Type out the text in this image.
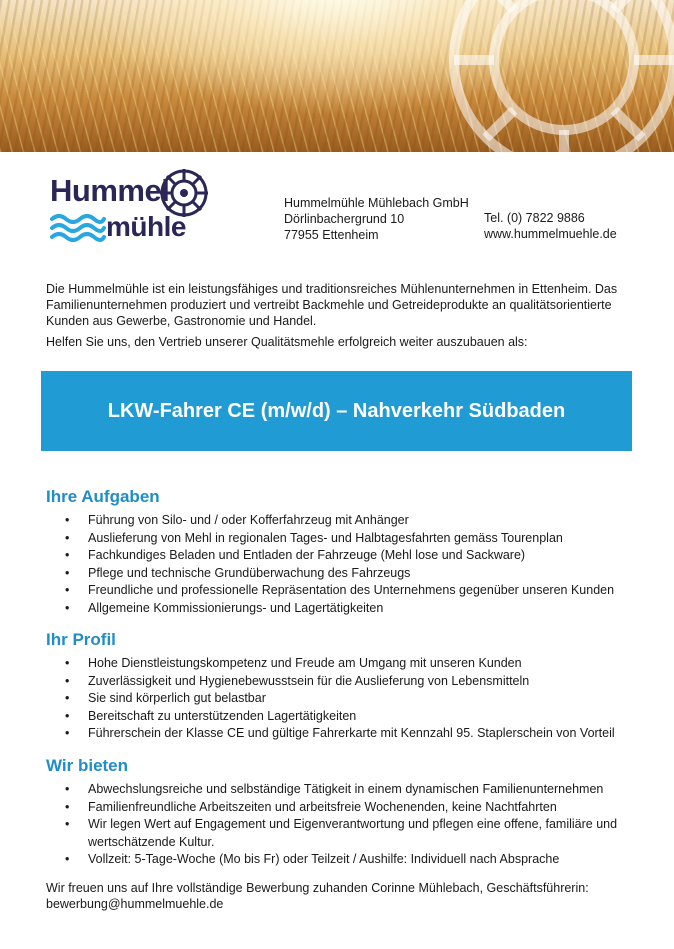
Hummel
mühle
Hummelmühle Mühlebach GmbH
Dörlinbachergrund 10
77955 Ettenheim
Tel. (0) 7822 9886
www.hummelmuehle.de

Die Hummelmühle ist ein leistungsfähiges und traditionsreiches Mühlenunternehmen in Ettenheim. Das Familienunternehmen produziert und vertreibt Backmehle und Getreideprodukte an qualitätsorientierte Kunden aus Gewerbe, Gastronomie und Handel.

Helfen Sie uns, den Vertrieb unserer Qualitätsmehle erfolgreich weiter auszubauen als:

LKW-Fahrer CE (m/w/d) – Nahverkehr Südbaden
Ihre Aufgaben
• Führung von Silo- und / oder Kofferfahrzeug mit Anhänger
• Auslieferung von Mehl in regionalen Tages- und Halbtagesfahrten gemäss Tourenplan
• Fachkundiges Beladen und Entladen der Fahrzeuge (Mehl lose und Sackware)
• Pflege und technische Grundüberwachung des Fahrzeugs
• Freundliche und professionelle Repräsentation des Unternehmens gegenüber unseren Kunden
• Allgemeine Kommissionierungs- und Lagertätigkeiten
Ihr Profil
• Hohe Dienstleistungskompetenz und Freude am Umgang mit unseren Kunden
• Zuverlässigkeit und Hygienebewusstsein für die Auslieferung von Lebensmitteln
• Sie sind körperlich gut belastbar
• Bereitschaft zu unterstützenden Lagertätigkeiten
• Führerschein der Klasse CE und gültige Fahrerkarte mit Kennzahl 95. Staplerschein von Vorteil
Wir bieten
• Abwechslungsreiche und selbständige Tätigkeit in einem dynamischen Familienunternehmen
• Familienfreundliche Arbeitszeiten und arbeitsfreie Wochenenden, keine Nachtfahrten
• Wir legen Wert auf Engagement und Eigenverantwortung und pflegen eine offene, familiäre und wertschätzende Kultur.
• Vollzeit: 5-Tage-Woche (Mo bis Fr) oder Teilzeit / Aushilfe: Individuell nach Absprache
Wir freuen uns auf Ihre vollständige Bewerbung zuhanden Corinne Mühlebach, Geschäftsführerin:
bewerbung@hummelmuehle.de
